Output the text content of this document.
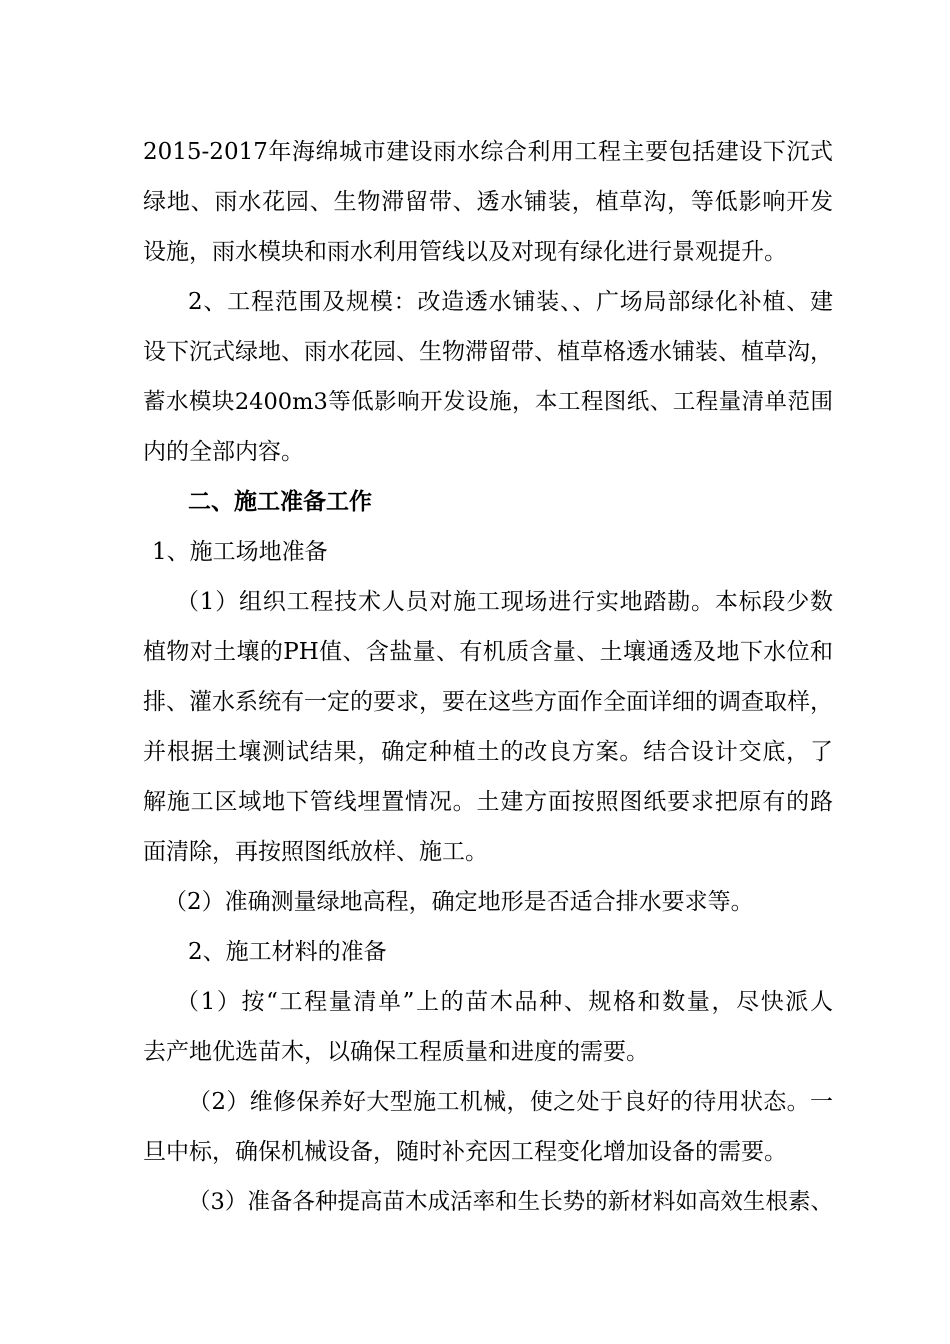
2015-2017年海绵城市建设雨水综合利用工程主要包括建设下沉式
绿地、雨水花园、生物滞留带、透水铺装，植草沟，等低影响开发
设施，雨水模块和雨水利用管线以及对现有绿化进行景观提升。
2、工程范围及规模：改造透水铺装、、广场局部绿化补植、建
设下沉式绿地、雨水花园、生物滞留带、植草格透水铺装、植草沟，
蓄水模块2400m3等低影响开发设施，本工程图纸、工程量清单范围
内的全部内容。
二、施工准备工作
1、施工场地准备
（1）组织工程技术人员对施工现场进行实地踏勘。本标段少数
植物对土壤的PH值、含盐量、有机质含量、土壤通透及地下水位和
排、灌水系统有一定的要求，要在这些方面作全面详细的调查取样，
并根据土壤测试结果，确定种植土的改良方案。结合设计交底，了
解施工区域地下管线埋置情况。土建方面按照图纸要求把原有的路
面清除，再按照图纸放样、施工。
（2）准确测量绿地高程，确定地形是否适合排水要求等。
2、施工材料的准备
（1）按“工程量清单”上的苗木品种、规格和数量，尽快派人
去产地优选苗木，以确保工程质量和进度的需要。
（2）维修保养好大型施工机械，使之处于良好的待用状态。一
旦中标，确保机械设备，随时补充因工程变化增加设备的需要。
（3）准备各种提高苗木成活率和生长势的新材料如高效生根素、
